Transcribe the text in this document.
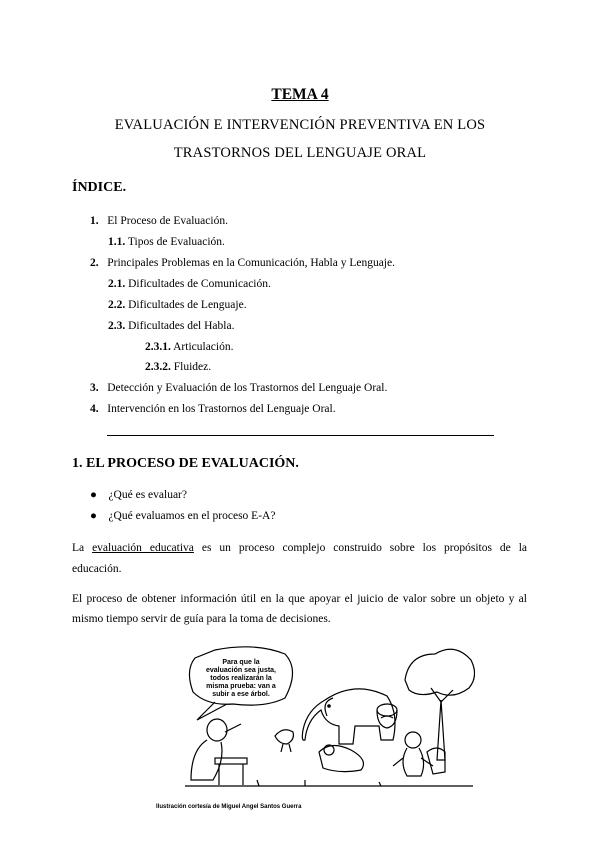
TEMA 4
EVALUACIÓN E INTERVENCIÓN PREVENTIVA EN LOS
TRASTORNOS DEL LENGUAJE ORAL
ÍNDICE.
1. El Proceso de Evaluación.
1.1. Tipos de Evaluación.
2. Principales Problemas en la Comunicación, Habla y Lenguaje.
2.1. Dificultades de Comunicación.
2.2. Dificultades de Lenguaje.
2.3. Dificultades del Habla.
2.3.1. Articulación.
2.3.2. Fluidez.
3. Detección y Evaluación de los Trastornos del Lenguaje Oral.
4. Intervención en los Trastornos del Lenguaje Oral.
1. EL PROCESO DE EVALUACIÓN.
● ¿Qué es evaluar?
● ¿Qué evaluamos en el proceso E-A?
La evaluación educativa es un proceso complejo construido sobre los propósitos de la
educación.
El proceso de obtener información útil en la que apoyar el juicio de valor sobre un objeto y al
mismo tiempo servir de guía para la toma de decisiones.
Para que la
evaluación sea justa,
todos realizarán la
misma prueba: van a
subir a ese árbol.
Ilustración cortesía de Miguel Angel Santos Guerra
